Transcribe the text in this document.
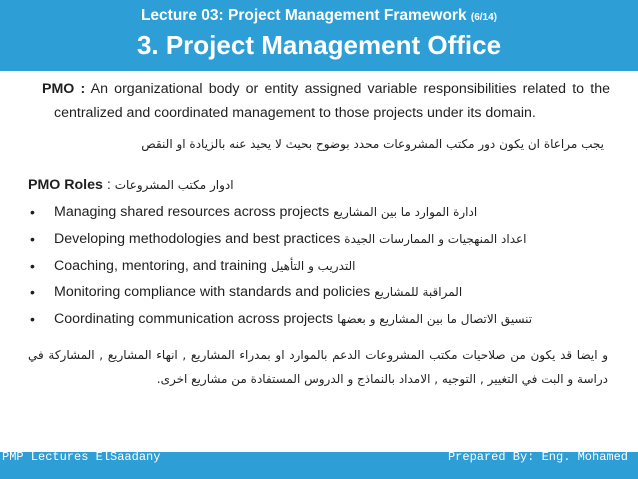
Lecture 03: Project Management Framework (6/14)
3. Project Management Office

PMO : An organizational body or entity assigned variable responsibilities related to the centralized and coordinated management to those projects under its domain.

يجب مراعاة ان يكون دور مكتب المشروعات محدد بوضوح بحيث لا يحيد عنه بالزيادة او النقص

PMO Roles : ادوار مكتب المشروعات

• Managing shared resources across projects ادارة الموارد ما بين المشاريع
• Developing methodologies and best practices اعداد المنهجيات و الممارسات الجيدة
• Coaching, mentoring, and training التدريب و التأهيل
• Monitoring compliance with standards and policies المراقبة للمشاريع
• Coordinating communication across projects تنسيق الاتصال ما بين المشاريع و بعضها

و ايضا قد يكون من صلاحيات مكتب المشروعات الدعم بالموارد او بمدراء المشاريع , انهاء المشاريع , المشاركة في دراسة و البت في التغيير , التوجيه , الامداد بالنماذج و الدروس المستفادة من مشاريع اخرى.

PMP Lectures ElSaadany	Prepared By: Eng. Mohamed
